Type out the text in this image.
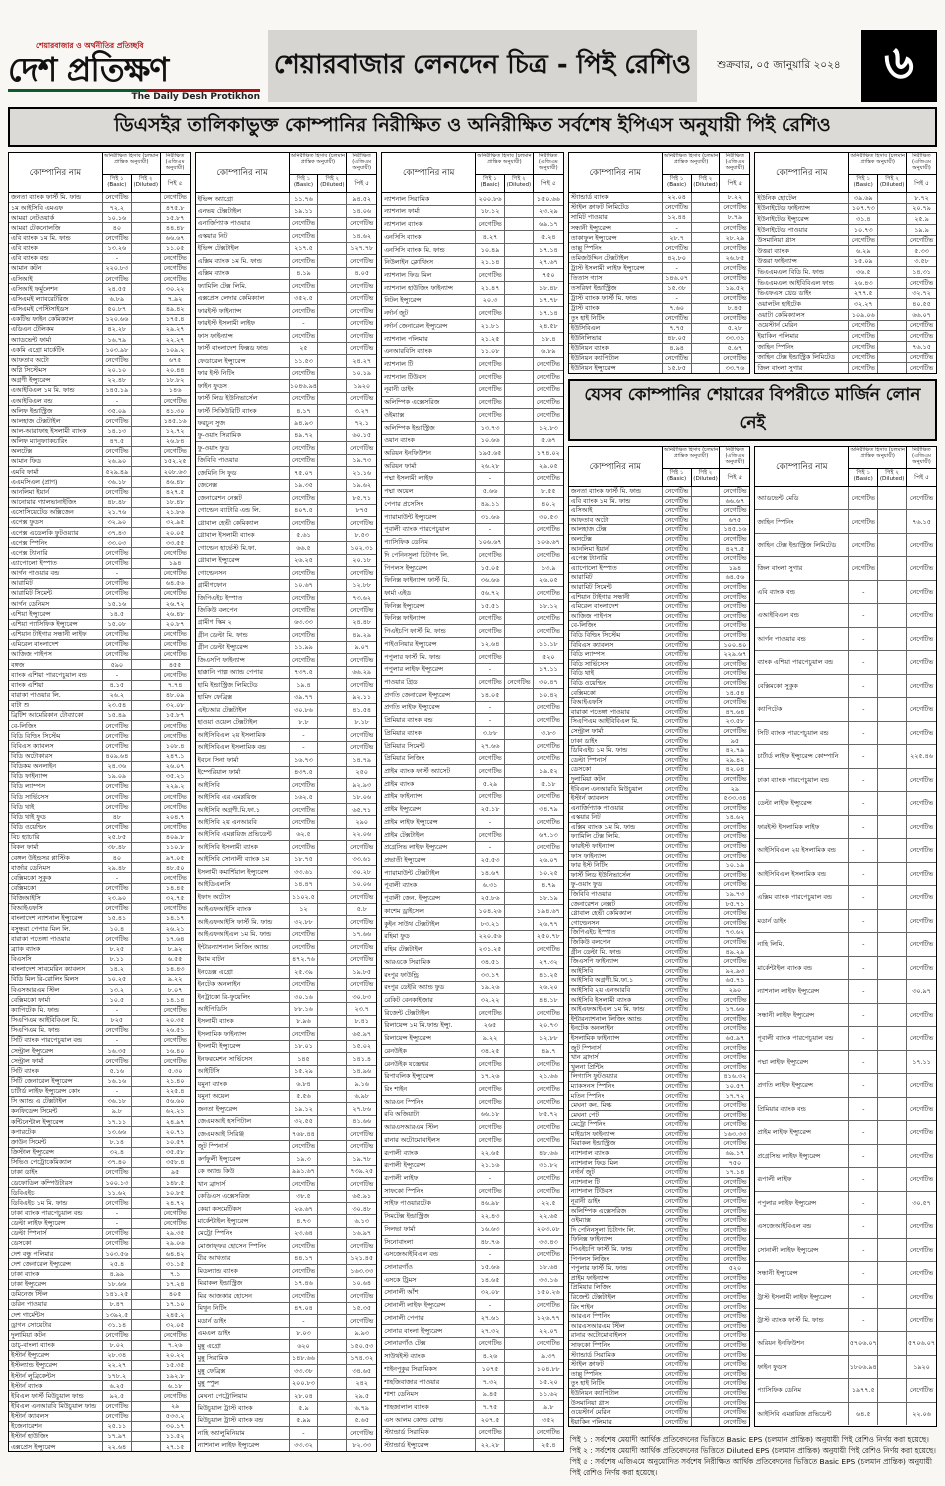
শেয়ারবাজার ও অর্থনীতির প্রতিচ্ছবি
দেশ প্রতিক্ষণ
The Daily Desh Protikhon
শেয়ারবাজার লেনদেন চিত্র - পিই রেশিও	শুক্রবার, ০৫ জানুয়ারি ২০২৪ ৬
ডিএসইর তালিকাভুক্ত কোম্পানির নিরীক্ষিত ও অনিরীক্ষিত সর্বশেষ ইপিএস অনুযায়ী পিই রেশিও
কোম্পানির নাম
অনিরীক্ষিত হিসাব (চলমান প্রান্তিক অনুযায়ী)
পিই ১ (Basic)
পিই ২ (Diluted)
নিরীক্ষিত (এজিএম অনুযায়ী)
পিই ৫
জনতা ব্যাংক ফার্স্ট মি. ফান্ড	নেগেটিভ	নেগেটিভ
১ম আইসিবি এমএফ	৭২.২	৪৭৫.৮
আমরা নেটওয়ার্ক	১০.১৬	১৫.৮৭
আমরা টেকনোলজি	৪০	৪৪.৪৮
এবি ব্যাংক ১ম মি. ফান্ড	নেগেটিভ	৬৬.৬৭
এবি ব্যাংক	১৩.২৬	১১.০৫
এবি ব্যাংক বন্ড	-	নেগেটিভ
আমান কটন	২২০.৮৩	নেগেটিভ
এসিআই	নেগেটিভ	নেগেটিভ
এসিআই ফর্মুলেশন	২৪.৫৫	৩০.২২
এসিএমই ল্যাবরেটরিজ	৬.৮৯	৭.৯২
এসিএমই পেস্টিসাইডস	৫০.৮৭	৪৯.৪২
একটিভ ফাইন কেমিক্যাল	১২০.৬৬	১৭৫.৪
এডিএন টেলিকম	৪২.২৮	২৯.২৭
অ্যাডভেন্ট ফার্মা	১৬.৭৯	২২.২৭
একমি এগ্রো মার্কেটিং	১০৩.৯৮	১০৯.২
আফতাব অটো	নেগেটিভ	৬৭৫
অগ্নি সিস্টেমস	২০.১০	২০.৪৪
অগ্রণী ইন্স্যুরেন্স	২২.৪৮	১৮.৮২
এআইবিএল ১ম মি. ফান্ড	১৪৫.১৯	১৪৬
এআইবিএল বন্ড	-	নেগেটিভ
অলিফ ইন্ডাস্ট্রিজ	৩৫.০৯	৪১.৩০
আলহাজ টেক্সটাইল	নেগেটিভ	১৪৫.১৬
আল-আরাফাহ ইসলামী ব্যাংক	১৪.১৩	১২.৭২
অলিফ ম্যানুফ্যাকচারিং	৪৭.৫	২৬.৮৪
অলটেক্স	নেগেটিভ	নেগেটিভ
আমান ফিড	২৬.৯০	১৫২.২৫
এমবি ফার্মা	৫২৯.৪৯	২০৮.৬৩
এএমসিএল (প্রাণ)	৩৬.১৮	৪৬.৪৮
আনলিমা ইয়ার্ন	নেগেটিভ	৪২৭.৫
আনোয়ার গ্যালভানাইজিং	৪৮.৪৮	১৮.৪৮
এসোসিয়েটেড অক্সিজেন	২১.৭৬	২১.৮৬
এপেক্স ফুডস	৩২.৯০	৩২.৯৫
এপেক্স এডেলকি ফুটওয়্যার	৩৭.৪৩	২০.০৫
এপেক্স স্পিনিং	৩৩.০৩	৩৩.৫৫
এপেক্স ট্যানারি	নেগেটিভ	নেগেটিভ
এ্যাপোলো ইস্পাত	নেগেটিভ	১৯৪
আর্গন পাওয়ার বন্ড	-	নেগেটিভ
আরামিট	নেগেটিভ	৬৪.৫৬
আরামিট সিমেন্ট	নেগেটিভ	নেগেটিভ
আর্গন ডেনিমস	১৫.১৬	২৬.৭২
এশিয়া ইন্স্যুরেন্স	১৪.৫	২৬.৪৮
এশিয়া প্যাসিফিক ইন্স্যুরেন্স	১৫.০৮	২০.৮৭
এশিয়ান টাইগার সন্ধানী লাইফ	নেগেটিভ	নেগেটিভ
এমিরেল বাংলাদেশ	নেগেটিভ	নেগেটিভ
আজিজ পাইপস	নেগেটিভ	নেগেটিভ
বঙ্গজ	৫৯০	৪৫৫
ব্যাংক এশিয়া পারপেচুয়াল বন্ড	-	নেগেটিভ
ব্যাংক এশিয়া	৪.১৫	৭.৭৪
বারাকা পাওয়ার লি.	২৬.২	৪৮.০৯
বাটা শু	২৩.৫৪	৩২.০৮
ব্রিটিশ আমেরিকান টোব্যাকো	১৫.৪৯	১৫.৮৭
বে-লিজিং	নেগেটিভ	নেগেটিভ
বিডি বিল্ডিং সিস্টেম	নেগেটিভ	নেগেটিভ
বিবিএস ক্যাবলস	নেগেটিভ	১০৮.৪
বিডি অটোকারস	৪০৯.৬৪	২৪৭.১
বিডিকম অনলাইন	২৪.৩৬	২৬.০৭
বিডি ফাইন্যান্স	১৯.০৯	৩৫.২১
বিডি ল্যাম্পস	নেগেটিভ	২২৯.২
বিডি সার্ভিসেস	নেগেটিভ	নেগেটিভ
বিডি থাই	নেগেটিভ	নেগেটিভ
বিডি থাই ফুড	৪৮	২০৪.৭
বিডি ওয়েল্ডিং	নেগেটিভ	নেগেটিভ
বিচ হ্যাচারি	২৫.৮৫	৪০৯.৮
বিকন ফার্মা	৩৮.৪৮	১১০.৮
বেঙ্গল উইন্ডসর প্লাস্টিক	৪০	৯৭.০৫
বার্জার ডেনিমস	২৯.৪৮	৪৮.৫০
বেক্সিমকো সুকুক	-	নেগেটিভ
বেক্সিমকো	নেগেটিভ	১৪.৪৫
বিজিআইসি	২৩.৯০	৩২.৭৫
বিআইএফসি	নেগেটিভ	নেগেটিভ
বাংলাদেশ ন্যাশনাল ইন্স্যুরেন্স	১৫.৪১	১৪.১৭
বসুন্ধরা পেপার মিল লি.	১০.৪	২৬.২১
বারাকা পতেঙ্গা পাওয়ার	নেগেটিভ	১৭.৬৪
ব্র্যাক ব্যাংক	৮.২৫	৮.৯২
বিএসসি	৮.১১	৬.৫৫
বাংলাদেশ সাবমেরিন ক্যাবলস	১৪.২	১৪.৪৩
বিডি মিল রি-রোলিং মিলস	১০.২৫	৯.২২
বিএসআরএম স্টিল	১৩.২	৮.০৭
বেক্সিমকো ফার্মা	১০.৫	১৪.১৪
ক্যাপিটেক মি. ফান্ড	-	নেগেটিভ
সিএপিএম আইবিবিএল মি.	৮২৫	২০.৩৫
সিএপিএম মি. ফান্ড	নেগেটিভ	২৬.৫১
সিটি ব্যাংক পারপেচুয়াল বন্ড	-	নেগেটিভ
সেন্ট্রাল ইন্স্যুরেন্স	১৬.৩৫	১৬.৪০
সেন্ট্রাল ফার্মা	নেগেটিভ	নেগেটিভ
সিটি ব্যাংক	৫.১৬	৫.৩০
সিটি জেনারেল ইন্স্যুরেন্স	১৬.১৬	২১.৪০
চার্টার্ড লাইফ ইন্স্যুরেন্স কোং	-	২২৫.৪
সি অ্যান্ড এ টেক্সটাইল	৩৬.১৮	৫৬.৬০
কনফিডেন্স সিমেন্ট	৯.৮	৬২.২১
কন্টিনেন্টাল ইন্স্যুরেন্স	১৭.১১	২৪.৯৭
কপারটেক	১৩.৬৬	২০.৭১
ক্রাউন সিমেন্ট	৮.১৪	১০.৫৭
ক্রিস্টাল ইন্স্যুরেন্স	৩২.৪	৩৫.৫৮
সিভিও পেট্রোকেমিক্যাল	৩৭.৪০	৩৫৮.৪
ঢাকা ডাইং	নেগেটিভ	৯৫
ডেফোডিল কম্পিউটারস	১০০.১৩	১৪৮.৫
ডিবিএইচ	১১.৬২	১০.৮৫
ডিবিএইচ ১ম মি. ফান্ড	নেগেটিভ	২৪.৭২
ঢাকা ব্যাংক পারপেচুয়াল বন্ড	-	নেগেটিভ
ডেল্টা লাইফ ইন্স্যুরেন্স	-	নেগেটিভ
ডেল্টা স্পিনার্স	নেগেটিভ	২৯.৩৫
ডেসকো	নেগেটিভ	২৯.০৬
দেশ বন্ধু পলিমার	১০৩.৫৬	৬৪.৪২
দেশ জেনারেল ইন্স্যুরেন্স	২৫.৪	৩১.১৫
ঢাকা ব্যাংক	৪.৯৯	৭.১
ঢাকা ইন্স্যুরেন্স	১৮.৬৬	১৭.২৪
ডমিনেজ স্টিল	১৪১.২৫	৪০৫
ডরিন পাওয়ার	৮.৪৭	১৭.১০
দেশ গার্মেন্টস	১৩৯২.৫	২৪৫.২
ড্রাগন সোয়েটার	৩১.১৪	৩২.০৫
দুলামিয়া কটন	নেগেটিভ	নেগেটিভ
ডাচ্-বাংলা ব্যাংক	৮.০২	৭.২৬
ইস্টার্ন ইন্স্যুরেন্স	২৮.৩৪	২০.২২
ইস্টল্যান্ড ইন্স্যুরেন্স	২২.২৭	১৫.৩৫
ইস্টার্ন লুব্রিকেন্টস	১৭৮.২	১৯২.৮
ইস্টার্ন ব্যাংক	৬.২৫	৬.১৮
ইবিএল ফার্স্ট মিউচুয়াল ফান্ড	৯২.৫	নেগেটিভ
ইবিএল এনআরবি মিউচুয়াল ফান্ড	নেগেটিভ	২৯
ইস্টার্ন ক্যাবলস	নেগেটিভ	৫৩৩.২
ইজেনারেশন	২৫.১১	৩০.১৭
ইস্টার্ন হাউজিং	১৭.৯৭	১১.৫২
এক্সপ্রেস ইন্স্যুরেন্স	২২.৬৪	২৭.১৫
কোম্পানির নাম
অনিরীক্ষিত হিসাব (চলমান প্রান্তিক অনুযায়ী)
পিই ১ (Basic)
পিই ২ (Diluted)
নিরীক্ষিত (এজিএম অনুযায়ী)
পিই ৫
ইভিন্স অ্যাগ্রো	১১.৭৬	৯৪.৫২
এনভয় টেক্সটাইল	১৯.১১	১৪.০৬
এনার্জিপ্যাক পাওয়ার	নেগেটিভ	নেগেটিভ
এস্কয়ার নিট	নেগেটিভ	১৪.৬২
ইভিন্স টেক্সটাইল	২১৭.৫	১২৭.৭৮
এক্সিম ব্যাংক ১ম মি. ফান্ড	নেগেটিভ	নেগেটিভ
এক্সিম ব্যাংক	৪.১৯	৪.০৫
ফ্যামিলি টেক্স লিমি.	নেগেটিভ	নেগেটিভ
এক্সপ্রেস লেদার কেমিক্যাল	৩৫২.৫	নেগেটিভ
ফারইস্ট ফাইন্যান্স	নেগেটিভ	নেগেটিভ
ফারইস্ট ইসলামী লাইফ	-	নেগেটিভ
ফাস ফাইন্যান্স	নেগেটিভ	নেগেটিভ
ফার্স্ট বাংলাদেশ ফিক্সড ফান্ড	২৫	নেগেটিভ
ফেডারেল ইন্স্যুরেন্স	১১.৫৩	২৪.২৭
ফার ইস্ট নিটিং	নেগেটিভ	১০.১৯
ফাইন ফুডস	১০৪৬.৯৪	১৯২০
ফার্স্ট লিড ইউনিভার্সেল	নেগেটিভ	নেগেটিভ
ফার্স্ট সিকিউরিটি ব্যাংক	৪.১৭	৩.২৭
ফরচুন সুজ	৯৪.৯৩	৭২.১
ফু-ওয়াং সিরামিক	৪৯.৭২	৬০.১৫
ফু-ওয়াং ফুড	নেগেটিভ	নেগেটিভ
জিবিবি পাওয়ার	নেগেটিভ	১৯.৭৩
জেমিনি সি ফুড	৭৫.০৭	২১.১৬
জেনেক্স	১৯.৩৫	১৯.৬২
জেনারেশন নেক্সট	নেগেটিভ	৮৫.৭১
গোল্ডেন ব্যাটারি এন্ড লি.	৪০৭.৫	৮৭৫
গ্লোবাল হেভী কেমিক্যাল	নেগেটিভ	নেগেটিভ
গ্লোবাল ইসলামী ব্যাংক	৫.৬১	৮.৫৩
গোল্ডেন হার্ভেস্ট মি.ফা.	৬৬.৫	১০২.৩১
গ্লোবাল ইন্স্যুরেন্স	২৬.২৫	২০.১৮
গোল্ডেনসন	নেগেটিভ	নেগেটিভ
গ্রামীণফোন	১০.৬৭	১২.৮৮
জিপিএইচ ইস্পাত	নেগেটিভ	৭৩.৬২
জিকিউ বলপেন	নেগেটিভ	নেগেটিভ
গ্রামীণ স্কিম ২	৬৩.৩৩	২৪.৪৮
গ্রীন ডেল্টা মি. ফান্ড	নেগেটিভ	৪৯.২৯
গ্রীন ডেল্টা ইন্স্যুরেন্স	১১.৯৯	৯.০৭
জিএসপি ফাইন্যান্স	নেগেটিভ	নেগেটিভ
হাক্কানি পাল্প অ্যান্ড পেপার	৭৩৭.৫	৬৬.২৯
হামি ইন্ডাস্ট্রিজ লিমিটেড	১৯.৪	নেগেটিভ
হামিদ ফেব্রিক্স	৩৯.৭৭	৯২.১১
এইচআর টেক্সটাইল	৩০.৮৬	৪১.৫৪
হাওয়া ওয়েল টেক্সটাইল	৮.৮	৮.১৮
আইসিবিএল ২য় ইসলামিক	-	নেগেটিভ
আইসিবিএল ইসলামিক বন্ড	-	নেগেটিভ
ইবনে সিনা ফার্মা	১৬.৭৩	১৪.৭৯
ইম্পেরিয়াল ফার্মা	৪৩৭.৫	২৫০
আইসিবি	নেগেটিভ	৯২.৯৩
আইসিবি এর এমপ্লয়িজ	১৬২.৫	১৮.০৬
আইসিবি অগ্রণী.মি.ফা.১	নেগেটিভ	৬৫.৭১
আইসিবি ২য় এনআরবি	নেগেটিভ	২৯০
আইসিবি এমপ্লয়িজ প্রভিডেন্ট	৬২.৫	২২.০৬
আইসিবি ইসলামী ব্যাংক	নেগেটিভ	নেগেটিভ
আইসিবি সোনালী ব্যাংক ১ম	১৮.৭৫	৩৩.৬১
ইসলামী কমার্শিয়াল ইন্স্যুরেন্স	৩৩.৬১	৩০.২৮
আইডিএলসি	১৪.৪৭	১০.০৬
ইফাদ অটোস	১১০২.৫	নেগেটিভ
আইএফআইসি ব্যাংক	১২	৫.৮
আইএফআইসি ফার্স্ট মি. ফান্ড	৩২.৮৮	নেগেটিভ
আইএফআইএল ১ম মি. ফান্ড	নেগেটিভ	১৭.৬৬
ইন্টারন্যাশনাল লিজিং অ্যান্ড	নেগেটিভ	নেগেটিভ
ইমাম বাটন	৪৭২.৭৬	নেগেটিভ
ইনডেক্স এগ্রো	২৫.৩৯	১৯.৮৫
ইনটেক অনলাইন	নেগেটিভ	নেগেটিভ
ইনট্রাকো রি-ফুয়েলিং	৩০.১৬	৩০.৮৩
আইপিডিসি	৮৮.১৬	২৩.৭
ইসলামী ব্যাংক	৮.৯৬	৮.৪১
ইসলামিক ফাইন্যান্স	নেগেটিভ	৬৫.৯৭
ইসলামী ইন্স্যুরেন্স	১৮.০১	১৫.০২
ইনফরমেশন সার্ভিসেস	১৪৫	১৪১.৪
আইটিসি	১৫.২৯	১৪.৯৬
যমুনা ব্যাংক	৬.৮৪	৯.১৬
যমুনা অয়েল	৫.৫৬	৬.৯৮
জনতা ইন্স্যুরেন্স	১৯.১২	২৭.৮৬
জেএমআই হসপিটাল	৩২.৫৫	৪১.৬৬
জেএমআই সিরিঞ্জ	৭৬৮.৪৪	নেগেটিভ
জুট স্পিনার্স	নেগেটিভ	নেগেটিভ
কর্ণফুলী ইন্স্যুরেন্স	১৯.৩	১৯.৭৮
কে অ্যান্ড কিউ	৯৯১.৬৭	৭৩৯.২৫
খান ব্রাদার্স	নেগেটিভ	নেগেটিভ
কেডিএস এক্সেসরিজ	৩৮.৫	৬৫.৯১
কেয়া কসমেটিকস	২৬.৬৭	৩০.৪৮
মার্কেন্টাইল ইন্স্যুরেন্স	৪.৭৩	৬.১৩
মেট্রো স্পিনিং	২৩.৬৪	১৬.৯৭
মোজাফ্ফর হোসেন স্পিনিং	নেগেটিভ	নেগেটিভ
মীর আখতার	৪৪.১৭	১২১.৪৫
মিডল্যান্ড ব্যাংক	নেগেটিভ	১৬৩.৩৩
মিরাকল ইন্ডাস্ট্রিজ	১৭.৪৬	১০.৬৪
মির আজকার হোসেন	নেগেটিভ	নেগেটিভ
মিথুন নিটিং	৪৭.০৪	১৫.৩৫
মডার্ন ডাইং	-	নেগেটিভ
এমএল ডাইং	৮.০৩	৯.৯৩
মুন্নু এগ্রো	৬২০	১৫০.৫৩
মুন্নু সিরামিক	১৪৮.৬৬	১৭৪.৩২
মুন্নু ফেব্রিক্স	৩৩.৩৮	৩৪.৬৫
মুন্নু স্পুল	২০০.৮৩	২৪২
মেঘনা পেট্রোলিয়াম	২৮.০৪	২৯.৫
মিউচুয়াল ট্রাস্ট ব্যাংক	৫.৯	৬.৭৯
মিউচুয়াল ট্রাস্ট ব্যাংক বন্ড	৫.৯৯	৫.৬৫
নাহি অ্যালুমিনিয়াম	-	নেগেটিভ
ন্যাশনাল লাইফ ইন্স্যুরেন্স	৩৩.৩২	৮২.৩৩
কোম্পানির নাম
অনিরীক্ষিত হিসাব (চলমান প্রান্তিক অনুযায়ী)
পিই ১ (Basic)
পিই ২ (Diluted)
নিরীক্ষিত (এজিএম অনুযায়ী)
পিই ৫
ন্যাশনাল সিরামিক	২০০.৮৬	১৫০.৬৬
ন্যাশনাল ফার্মা	১৮.১২	২৩.২৯
ন্যাশনাল ব্যাংক	নেগেটিভ	৬৯.১৭
এনসিসি ব্যাংক	৪.২৭	৫.২৪
এনসিসি ব্যাংক মি. ফান্ড	১০.৪৯	১৭.১৪
নিউলাইন ক্লোথিংস	২১.১৪	২৭.৬৭
ন্যাশনাল ফিড মিল	নেগেটিভ	৭৫০
ন্যাশনাল হাউজিং ফাইন্যান্স	২১.৪৭	১৮.৪৮
নিটল ইন্স্যুরেন্স	২০.৩	১৭.৭৮
নর্দার্ন জুট	নেগেটিভ	১৭.১৪
নর্দার্ন জেনারেল ইন্স্যুরেন্স	২১.৮১	২৪.৫৮
ন্যাশনাল পলিমার	২১.২৫	১৮.৪
এনআরবিসি ব্যাংক	১১.০৮	৬.৮৯
ন্যাশনাল টি	নেগেটিভ	নেগেটিভ
ন্যাশনাল টিউবস	নেগেটিভ	নেগেটিভ
নূরানী ডাইং	নেগেটিভ	নেগেটিভ
অলিম্পিক এক্সেসরিজ	নেগেটিভ	নেগেটিভ
ওইম্যাক্স	নেগেটিভ	নেগেটিভ
অলিম্পিক ইন্ডাস্ট্রিজ	১৩.৭৩	১২.৮৩
ওয়ান ব্যাংক	১০.৬৬	৫.৬৭
অরিয়ন ইনফিউশন	১৯৫.৬৫	১৭৪.০২
অরিয়ন ফার্মা	২৬.২৮	২৯.০৫
পদ্মা ইসলামী লাইফ	-	নেগেটিভ
পদ্মা অয়েল	৫.৬৬	৮.৫৫
পেপার প্রসেসিং	৪৯.১১	৪০.২
প্যারামাউন্ট ইন্স্যুরেন্স	৩১.৬৬	৩০.৫৩
পূবালী ব্যাংক পারপেচুয়াল	-	নেগেটিভ
প্যাসিফিক ডেনিম	১০৬.৬৭	১০৬.৬৭
দি পেনিনসুলা চিটাগং লি.	নেগেটিভ	নেগেটিভ
পিপলস ইন্স্যুরেন্স	১৫.০৫	১৩.৯
ফিনিক্স ফাইন্যান্স ফার্স্ট মি.	৩৬.৬৬	২৬.০৫
ফার্মা এইড	৫৬.৭২	নেগেটিভ
ফিনিক্স ইন্স্যুরেন্স	১৫.৫১	১৮.১২
ফিনিক্স ফাইন্যান্স	নেগেটিভ	নেগেটিভ
পিএইচপি ফার্স্ট মি. ফান্ড	নেগেটিভ	নেগেটিভ
পাইওনিয়ার ইন্স্যুরেন্স	১২.৬৪	১১.১৮
পপুলার ফার্স্ট মি. ফান্ড	নেগেটিভ	৫২০
পপুলার লাইফ ইন্স্যুরেন্স	-	১৭.১১
পাওয়ার গ্রিড	নেগেটিভ নেগেটিভ	৩০.৪৭
প্রগতি জেনারেল ইন্স্যুরেন্স	১৪.০৫	১০.৪২
প্রগতি লাইফ ইন্স্যুরেন্স	-	নেগেটিভ
প্রিমিয়ার ব্যাংক বন্ড	-	নেগেটিভ
প্রিমিয়ার ব্যাংক	৩.৮৮	৩.৮৩
প্রিমিয়ার সিমেন্ট	২৭.৬৬	নেগেটিভ
প্রিমিয়ার লিজিং	নেগেটিভ	নেগেটিভ
প্রাইম ব্যাংক ফার্স্ট অ্যাসেট	নেগেটিভ	১৯.৫২
প্রাইম ব্যাংক	৫.২৯	৫.১৮
প্রাইম ফাইন্যান্স	নেগেটিভ	নেগেটিভ
প্রাইম ইন্স্যুরেন্স	২৫.১৮	৩৪.৭৯
প্রাইম লাইফ ইন্স্যুরেন্স	-	নেগেটিভ
প্রাইম টেক্সটাইল	নেগেটিভ	৬৭.১৩
প্রগ্রেসিভ লাইফ ইন্স্যুরেন্স	-	নেগেটিভ
প্রভাতী ইন্স্যুরেন্স	২৫.৫৩	২৬.০৭
প্যারামাউন্ট টেক্সটাইল	১৪.৬৭	১০.২৫
পূবালী ব্যাংক	৬.৩১	৪.৭৯
পূবালী জেন. ইন্স্যুরেন্স	২৫.৮৬	১৮.১৯
কাশেম ড্রাইসেল	১০৪.২৬	১৯৪.৬৭
কুইন সাউথ টেক্সটাইল	৮৩.২১	২৬.৭৭
রহিমা ফুড	২২০.৫৬	২৫০.৭৮
রহিম টেক্সটাইল	২৩১.২৫	নেগেটিভ
আরএকে সিরামিক	৩৪.৫১	২৭.৩২
রংপুর ফাউন্ড্রি	৩৩.১৭	৪১.২৫
রংপুর ডেইরি অ্যান্ড ফুড	১৯.২৬	২৬.২০
রেকিট বেনকাইজার	৩২.২২	৪৪.১৮
রিজেন্ট টেক্সটাইল	নেগেটিভ	নেগেটিভ
রিলায়েন্স ১ম মি.ফান্ড ইন্স্যু.	২৬৫	২০.৭৩
রিলায়েন্স ইন্স্যুরেন্স	৯.২২	১২.৮৮
রেনউইক	৩৪.২৫	৪৯.৭
রেনউইক যজ্ঞেশ্বর	নেগেটিভ	নেগেটিভ
রিপাবলিক ইন্স্যুরেন্স	১৭.২৬	২১.৬৬
রিং শাইন	নেগেটিভ	নেগেটিভ
আরএন স্পিনিং	নেগেটিভ	নেগেটিভ
রবি অজিয়াটা	৬৬.১৮	৮৫.৭২
আরএসআরএম স্টিল	নেগেটিভ	নেগেটিভ
রানার অটোমোবাইলস	নেগেটিভ	নেগেটিভ
রূপালী ব্যাংক	২২.৬৫	৪৮.৬৬
রূপালী ইন্স্যুরেন্স	২১.১৬	৩১.৮২
রূপালী লাইফ	-	নেগেটিভ
সাফকো স্পিনিং	নেগেটিভ	নেগেটিভ
সাইফ পাওয়ারটেক	৪৬.৯৮	২২.৫
সিমটেক্স ইন্ডাস্ট্রিজ	২২.৪৩	২২.৬৫
সিলভা ফার্মা	১৬.৬৩	২০৩.০৮
সিনোবাংলা	৪৮.৭৬	৩৩.৪৩
এসজেআইবিএল বন্ড	-	নেগেটিভ
সোনারগাঁও	১৫.৬৬	১৮.৬৪
এসকে ট্রিমস	১৪.৬৫	৩৩.১৬
সোনালী আঁশ	৩২.০৮	১৫০.২৬
সোনালী লাইফ ইন্স্যুরেন্স	-	নেগেটিভ
সোনালী পেপার	২৭.৬১	১২৬.৭৭
সোনার বাংলা ইন্স্যুরেন্স	২৭.৩২	২২.০৭
সোনারগাঁও টেক্স	নেগেটিভ	নেগেটিভ
সাউথইস্ট ব্যাংক	৪.২৬	৯.৩৭
শাইনপুকুর সিরামিকস	১০৭৫	১০৪.৮৮
শাহজিবাজার পাওয়ার	৭.৩২	১৫.২০
শাশা ডেনিমস	৯.৪৫	১১.৬২
শাহজালাল ব্যাংক	৭.৭৫	৯.৮
এস আলম কোল্ড রোল্ড	২০৭.৫	৩৫২
স্ট্যান্ডার্ড সিরামিক	নেগেটিভ	নেগেটিভ
স্ট্যান্ডার্ড ইন্স্যুরেন্স	২২.২৮	২৫.৪
কোম্পানির নাম
অনিরীক্ষিত হিসাব (চলমান প্রান্তিক অনুযায়ী)
পিই ১ (Basic)
পিই ২ (Diluted)
নিরীক্ষিত (এজিএম অনুযায়ী)
পিই ৫
স্ট্যান্ডার্ড ব্যাংক	২২.০৪	৮.২২
স্টাইল ক্রাফট লিমিটেড	নেগেটিভ	নেগেটিভ
সামিট পাওয়ার	১২.৪৪	৮.৭৯
সন্ধানী ইন্স্যুরেন্স	-	নেগেটিভ
তাকাফুল ইন্স্যুরেন্স	২৮.৭	২৮.২৯
তাল্লু স্পিনিং	নেগেটিভ	নেগেটিভ
তমিজউদ্দিন টেক্সটাইল	৪২.৮০	২৬.৮৫
ট্রাস্ট ইসলামী লাইফ ইন্স্যুরেন্স	-	নেগেটিভ
তিতাস গ্যাস	১৪৬.০৭	নেগেটিভ
তসরিফা ইন্ডাস্ট্রিজ	১৫.৩৮	১৯.৫২
ট্রাস্ট ব্যাংক ফার্স্ট মি. ফান্ড	-	নেগেটিভ
ট্রাস্ট ব্যাংক	৭.৬০	৮.৪৫
তুং হাই নিটিং	নেগেটিভ	নেগেটিভ
ইউসিবিএল	৭.৭৫	৫.২৮
ইউনিলিভার	৪৮.০৫	৩৩.৩১
ইউনিয়ন ব্যাংক	৪.৯৪	৫.৬৭
ইউনিয়ন ক্যাপিটাল	নেগেটিভ	নেগেটিভ
ইউনিয়ন ইন্স্যুরেন্স	১৫.৮৫	৩৩.৭৬
কোম্পানির নাম
অনিরীক্ষিত হিসাব (চলমান প্রান্তিক অনুযায়ী)
পিই ১ (Basic)
পিই ২ (Diluted)
নিরীক্ষিত (এজিএম অনুযায়ী)
পিই ৫
ইউনিক হোটেল	৩৯.৬৯	৮.৭২
ইউনাইটেড ফাইন্যান্স	১০৭.৭৩	২০.৭৯
ইউনাইটেড ইন্স্যুরেন্স	৩১.৪	২৫.৯
ইউনাইটেড পাওয়ার	১০.৭৩	১৯.৯
উসমানিয়া গ্লাস	নেগেটিভ	নেগেটিভ
উত্তরা ব্যাংক	৬.২৯	৫.৩৩
উত্তরা ফাইন্যান্স	১৫.০৯	৩.৫৮
ভিএএমএল বিডি মি. ফান্ড	৩৬.৫	১৪.৩১
ভিএএমএল আইবিবিএল ফান্ড	২৬.৪৩	নেগেটিভ
ভিএফএস থ্রেড ডাইং	২৭৭.৫	৩২.৭২
ওয়ালটন হাইটেক	৩২.২৭	৪০.৫৫
ওয়াটা কেমিক্যালস	১০৯.০৬	৬৬.০৭
ওয়েস্টার্ন মেরিন	নেগেটিভ	নেগেটিভ
ইয়াকিন পলিমার	নেগেটিভ	নেগেটিভ
জাহিন স্পিনিং	নেগেটিভ	৭৬.১৫
জাহিন টেক্স ইন্ডাস্ট্রিক লিমিটেড	নেগেটিভ	নেগেটিভ
জিল বাংলা সুগার	নেগেটিভ	নেগেটিভ
যেসব কোম্পানির শেয়ারের বিপরীতে মার্জিন লোন নেই
কোম্পানির নাম
অনিরীক্ষিত হিসাব (চলমান প্রান্তিক অনুযায়ী)
পিই ১ (Basic)
পিই ২ (Diluted)
নিরীক্ষিত (এজিএম অনুযায়ী)
পিই ৫
জনতা ব্যাংক ফার্স্ট মি. ফান্ড	নেগেটিভ	নেগেটিভ
এবি ব্যাংক ১ম মি. ফান্ড	নেগেটিভ	৬৬.৬৭
এসিআই	নেগেটিভ	নেগেটিভ
আফতাব অটো	নেগেটিভ	৬৭৫
আলহাজ টেক্স	নেগেটিভ	১৪৫.১৬
অলটেক্স	নেগেটিভ	নেগেটিভ
আনলিমা ইয়ার্ন	নেগেটিভ	৪২৭.৫
এপেক্স ট্যানারি	নেগেটিভ	নেগেটিভ
এ্যাপোলো ইস্পাত	নেগেটিভ	১৯৪
আরামিট	নেগেটিভ	৬৪.৫৬
আরামিট সিমেন্ট	নেগেটিভ	নেগেটিভ
এশিয়ান টাইগার সন্ধানী	নেগেটিভ	নেগেটিভ
এমিরেল বাংলাদেশ	নেগেটিভ	নেগেটিভ
আজিজ পাইপস	নেগেটিভ	নেগেটিভ
বে-লিজিং	নেগেটিভ	নেগেটিভ
বিডি বিল্ডিং সিস্টেম	নেগেটিভ	নেগেটিভ
বিবিএস ক্যাবলস	নেগেটিভ	১০০.৪০
বিডি ল্যাম্পস	নেগেটিভ	২২৯.৬৭
বিডি সার্ভিসেস	নেগেটিভ	নেগেটিভ
বিডি থাই	নেগেটিভ	নেগেটিভ
বিডি ওয়েল্ডিং	নেগেটিভ	নেগেটিভ
বেক্সিমকো	নেগেটিভ	১৪.৫৪
বিআইএফসি	নেগেটিভ	নেগেটিভ
বারাকা পতেঙ্গা পাওয়ার	নেগেটিভ	৪৭.৬৪
সিএপিএম আইবিবিএল মি.	নেগেটিভ	২৩.৫৮
সেন্ট্রাল ফার্মা	নেগেটিভ	নেগেটিভ
ঢাকা ডাইং	নেগেটিভ	৯৫
ডিবিএইচ ১ম মি. ফান্ড	নেগেটিভ	৪২.৭৯
ডেল্টা স্পিনার্স	নেগেটিভ	২৯.৪২
ডেসকো	নেগেটিভ	৪২.০৪
দুলামিয়া কটন	নেগেটিভ	নেগেটিভ
ইবিএল এনআরবি মিউচুয়াল	নেগেটিভ	২৯
ইস্টার্ন ক্যাবলস	নেগেটিভ	৫৩৩.৩৪
এনার্জিপ্যাক পাওয়ার	নেগেটিভ	নেগেটিভ
এস্কয়ার নিট	নেগেটিভ	১৪.৬২
এক্সিম ব্যাংক ১ম মি. ফান্ড	নেগেটিভ	নেগেটিভ
ফ্যামিলি টেক্স লিমি.	নেগেটিভ	নেগেটিভ
ফারইস্ট ফাইন্যান্স	নেগেটিভ	নেগেটিভ
ফাস ফাইন্যান্স	নেগেটিভ	নেগেটিভ
ফার ইস্ট নিটিং	নেগেটিভ	১০.১৯
ফার্স্ট লিড ইউনিভার্সেল	নেগেটিভ	নেগেটিভ
ফু-ওয়াং ফুড	নেগেটিভ	নেগেটিভ
জিবিবি পাওয়ার	নেগেটিভ	১৯.৭৩
জেনারেশন নেক্সট	নেগেটিভ	৮৫.৭১
গ্লোবাল হেভী কেমিক্যাল	নেগেটিভ	নেগেটিভ
গোল্ডেনসন	নেগেটিভ	নেগেটিভ
জিপিএইচ ইস্পাত	নেগেটিভ	৭৩.৬২
জিকিউ বলপেন	নেগেটিভ	নেগেটিভ
গ্রীন ডেল্টা মি. ফান্ড	নেগেটিভ	৪৯.২৯
জিএসপি ফাইন্যান্স	নেগেটিভ	নেগেটিভ
আইসিবি	নেগেটিভ	৯২.৯৩
আইসিবি অগ্রণী.মি.ফা.১	নেগেটিভ	৬৫.৭১
আইসিবি ২য় এনআরবি	নেগেটিভ	২৯০
আইসিবি ইসলামী ব্যাংক	নেগেটিভ	নেগেটিভ
আইএফআইএল ১ম মি. ফান্ড	নেগেটিভ	১৭.৬৬
ইন্টারন্যাশনাল লিজিং অ্যান্ড	নেগেটিভ	নেগেটিভ
ইনটেক অনলাইন	নেগেটিভ	নেগেটিভ
ইসলামিক ফাইন্যান্স	নেগেটিভ	৬৫.৯৭
জুট স্পিনার্স	নেগেটিভ	নেগেটিভ
খান ব্রাদার্স	নেগেটিভ	নেগেটিভ
খুলনা প্রিন্টিং	নেগেটিভ	নেগেটিভ
লিগ্যাসি ফুটওয়্যার	নেগেটিভ	৪১৬.৩২
ম্যাকসনস স্পিনিং	নেগেটিভ	১০.৫৭
মতিন স্পিনিং	নেগেটিভ	১৭.৭২
মেঘনা কন. মিল্ক	নেগেটিভ	নেগেটিভ
মেঘনা পেট	নেগেটিভ	নেগেটিভ
মেট্রো স্পিনিং	নেগেটিভ	নেগেটিভ
মাইডাস ফাইন্যান্স	নেগেটিভ	১৬৩.৩৩
মিরাকল ইন্ডাস্ট্রিজ	নেগেটিভ	নেগেটিভ
ন্যাশনাল ব্যাংক	নেগেটিভ	৬৯.১৭
ন্যাশনাল ফিড মিল	নেগেটিভ	৭৫০
নর্দার্ন জুট	নেগেটিভ	১৭.১৪
ন্যাশনাল টি	নেগেটিভ	নেগেটিভ
ন্যাশনাল টিউবস	নেগেটিভ	নেগেটিভ
নূরানী ডাইং	নেগেটিভ	নেগেটিভ
অলিম্পিক এক্সেসরিজ	নেগেটিভ	নেগেটিভ
ওইম্যাক্স	নেগেটিভ	নেগেটিভ
দি পেনিনসুলা চিটাগং লি.	নেগেটিভ	নেগেটিভ
ফিনিক্স ফাইন্যান্স	নেগেটিভ	নেগেটিভ
পিএইচপি ফার্স্ট মি. ফান্ড	নেগেটিভ	নেগেটিভ
পিপলস লিজিং	নেগেটিভ	নেগেটিভ
পপুলার ফার্স্ট মি. ফান্ড	নেগেটিভ	৫২০
প্রাইম ফাইন্যান্স	নেগেটিভ	নেগেটিভ
প্রিমিয়ার লিজিং	নেগেটিভ	নেগেটিভ
রিজেন্ট টেক্সটাইল	নেগেটিভ	নেগেটিভ
রিং শাইন	নেগেটিভ	নেগেটিভ
আরএন স্পিনিং	নেগেটিভ	নেগেটিভ
আরএসআরএম স্টিল	নেগেটিভ	নেগেটিভ
রানার অটোমোবাইলস	নেগেটিভ	নেগেটিভ
সাফকো স্পিনিং	নেগেটিভ	নেগেটিভ
স্ট্যান্ডার্ড সিরামিক	নেগেটিভ	নেগেটিভ
স্টাইল ক্রাফট	নেগেটিভ	নেগেটিভ
তাল্লু স্পিনিং	নেগেটিভ	নেগেটিভ
তুং হাই নিটিং	নেগেটিভ	নেগেটিভ
ইউনিয়ন ক্যাপিটাল	নেগেটিভ	নেগেটিভ
উসমানিয়া গ্লাস	নেগেটিভ	নেগেটিভ
ওয়েস্টার্ন মেরিন	নেগেটিভ	নেগেটিভ
ইয়াকিন পলিমার	নেগেটিভ	নেগেটিভ
কোম্পানির নাম
অনিরীক্ষিত হিসাব (চলমান প্রান্তিক অনুযায়ী)
পিই ১ (Basic)
পিই ২ (Diluted)
নিরীক্ষিত (এজিএম অনুযায়ী)
পিই ৫
অ্যাডভেন্ট মেডি	নেগেটিভ	নেগেটিভ
জাহিন স্পিনিং	নেগেটিভ	৭৬.১৫
জাহিন টেক্স ইন্ডাস্ট্রিজ লিমিটেড	নেগেটিভ	নেগেটিভ
জিল বাংলা সুগার	নেগেটিভ	নেগেটিভ
এবি ব্যাংক বন্ড	-	নেগেটিভ
এআইবিএল বন্ড	-	নেগেটিভ
আর্গন পাওয়ার বন্ড	-	নেগেটিভ
ব্যাংক এশিয়া পারপেচুয়াল বন্ড	-	নেগেটিভ
বেক্সিমকো সুকুক	-	নেগেটিভ
ক্যাপিটেক	-	নেগেটিভ
সিটি ব্যাংক পারপেচুয়াল বন্ড	-	নেগেটিভ
চার্টার্ড লাইফ ইন্স্যুরেন্স কোম্পানি	-	২২৫.৪৬
ঢাকা ব্যাংক পারপেচুয়াল বন্ড	-	নেগেটিভ
ডেল্টা লাইফ ইন্স্যুরেন্স	-	নেগেটিভ
ফারইস্ট ইসলামিক লাইফ	-	নেগেটিভ
আইসিবিএল ২য় ইসলামিক বন্ড	-	নেগেটিভ
আইসিবিএল ইসলামিক বন্ড	-	নেগেটিভ
এক্সিম ব্যাংক পারপেচুয়াল বন্ড	-	নেগেটিভ
মডার্ন ডাইং	-	নেগেটিভ
নাহি লিমি.	-	নেগেটিভ
মার্কেন্টাইল ব্যাংক বন্ড	-	নেগেটিভ
ন্যাশনাল লাইফ ইন্স্যুরেন্স	-	৩০.৯৭
সন্ধানী লাইফ ইন্স্যুরেন্স	-	নেগেটিভ
পূবালী ব্যাংক পারপেচুয়াল বন্ড	-	নেগেটিভ
পদ্মা লাইফ ইন্স্যুরেন্স	-	১৭.১১
প্রগতি লাইফ ইন্স্যুরেন্স	-	নেগেটিভ
প্রিমিয়ার ব্যাংক বন্ড	-	নেগেটিভ
প্রাইম লাইফ ইন্স্যুরেন্স	-	নেগেটিভ
প্রগ্রেসিভ লাইফ ইন্স্যুরেন্স	-	নেগেটিভ
রূপালী লাইফ	-	নেগেটিভ
পপুলার লাইফ ইন্স্যুরেন্স	-	৩০.৫৭
এসজেআইবিএল বন্ড	-	নেগেটিভ
সোনালী লাইফ ইন্স্যুরেন্স	-	নেগেটিভ
সন্ধানী ইন্স্যুরেন্স	-	নেগেটিভ
ট্রাস্ট ইসলামী লাইফ ইন্স্যুরেন্স	-	নেগেটিভ
ট্রাস্ট ব্যাংক ফার্স্ট মি. ফান্ড	-	নেগেটিভ
অরিয়ন ইনফিউশন	৫৭০৬.০৭	৫৭০৬.০৭
ফাইন ফুডস	১৮০৬.৯৪	১৯২০
প্যাসিফিক ডেনিম	১৯৭৭.৫	নেগেটিভ
আইসিবি এমপ্লয়িজ প্রভিডেন্ট	৬৪.৫	২২.০৬
পিই ১ : সর্বশেষ মেয়াদী আর্থিক প্রতিবেদনের ভিত্তিতে Basic EPS (চলমান প্রান্তিক) অনুযায়ী পিই রেশিও নির্ণয় করা হয়েছে।
পিই ২ : সর্বশেষ মেয়াদী আর্থিক প্রতিবেদনের ভিত্তিতে Diluted EPS (চলমান প্রান্তিক) অনুযায়ী পিই রেশিও নির্ণয় করা হয়েছে।
পিই ৫ : সর্বশেষ এজিএমে অনুমোদিত সর্বশেষ নিরীক্ষিত আর্থিক প্রতিবেদনের ভিত্তিতে Basic EPS (চলমান প্রান্তিক) অনুযায়ী পিই রেশিও নির্ণয় করা হয়েছে।
